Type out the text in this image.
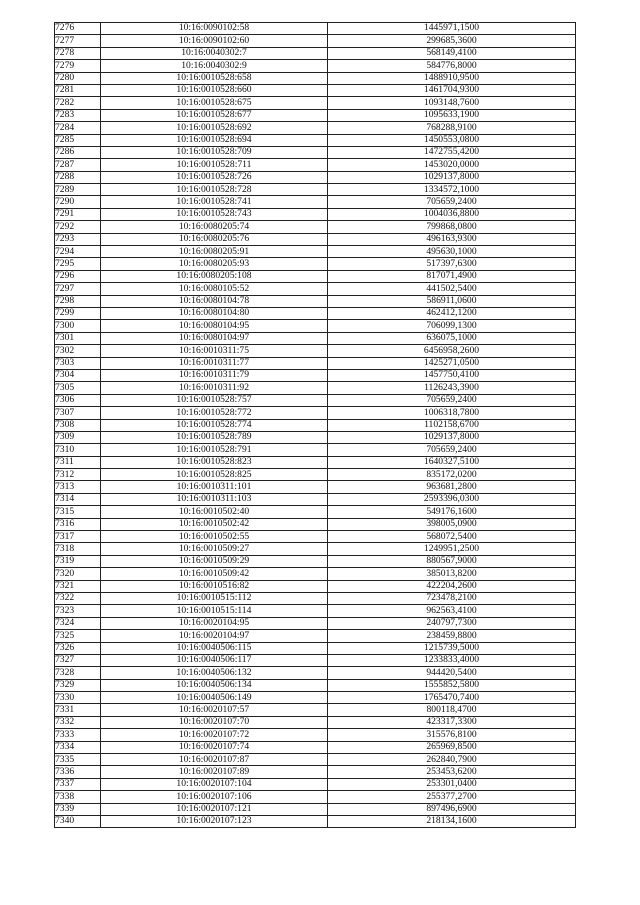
7276	10:16:0090102:58	1445971,1500
7277	10:16:0090102:60	299685,3600
7278	10:16:0040302:7	568149,4100
7279	10:16:0040302:9	584776,8000
7280	10:16:0010528:658	1488910,9500
7281	10:16:0010528:660	1461704,9300
7282	10:16:0010528:675	1093148,7600
7283	10:16:0010528:677	1095633,1900
7284	10:16:0010528:692	768288,9100
7285	10:16:0010528:694	1450553,0800
7286	10:16:0010528:709	1472755,4200
7287	10:16:0010528:711	1453020,0000
7288	10:16:0010528:726	1029137,8000
7289	10:16:0010528:728	1334572,1000
7290	10:16:0010528:741	705659,2400
7291	10:16:0010528:743	1004036,8800
7292	10:16:0080205:74	799868,0800
7293	10:16:0080205:76	496163,9300
7294	10:16:0080205:91	495630,1000
7295	10:16:0080205:93	517397,6300
7296	10:16:0080205:108	817071,4900
7297	10:16:0080105:52	441502,5400
7298	10:16:0080104:78	586911,0600
7299	10:16:0080104:80	462412,1200
7300	10:16:0080104:95	706099,1300
7301	10:16:0080104:97	636075,1000
7302	10:16:0010311:75	6456958,2600
7303	10:16:0010311:77	1425271,0500
7304	10:16:0010311:79	1457750,4100
7305	10:16:0010311:92	1126243,3900
7306	10:16:0010528:757	705659,2400
7307	10:16:0010528:772	1006318,7800
7308	10:16:0010528:774	1102158,6700
7309	10:16:0010528:789	1029137,8000
7310	10:16:0010528:791	705659,2400
7311	10:16:0010528:823	1640327,5100
7312	10:16:0010528:825	835172,0200
7313	10:16:0010311:101	963681,2800
7314	10:16:0010311:103	2593396,0300
7315	10:16:0010502:40	549176,1600
7316	10:16:0010502:42	398005,0900
7317	10:16:0010502:55	568072,5400
7318	10:16:0010509:27	1249951,2500
7319	10:16:0010509:29	880567,9000
7320	10:16:0010509:42	385013,8200
7321	10:16:0010516:82	422204,2600
7322	10:16:0010515:112	723478,2100
7323	10:16:0010515:114	962563,4100
7324	10:16:0020104:95	240797,7300
7325	10:16:0020104:97	238459,8800
7326	10:16:0040506:115	1215739,5000
7327	10:16:0040506:117	1233833,4000
7328	10:16:0040506:132	944420,5400
7329	10:16:0040506:134	1555852,5800
7330	10:16:0040506:149	1765470,7400
7331	10:16:0020107:57	800118,4700
7332	10:16:0020107:70	423317,3300
7333	10:16:0020107:72	315576,8100
7334	10:16:0020107:74	265969,8500
7335	10:16:0020107:87	262840,7900
7336	10:16:0020107:89	253453,6200
7337	10:16:0020107:104	253301,0400
7338	10:16:0020107:106	255377,2700
7339	10:16:0020107:121	897496,6900
7340	10:16:0020107:123	218134,1600
